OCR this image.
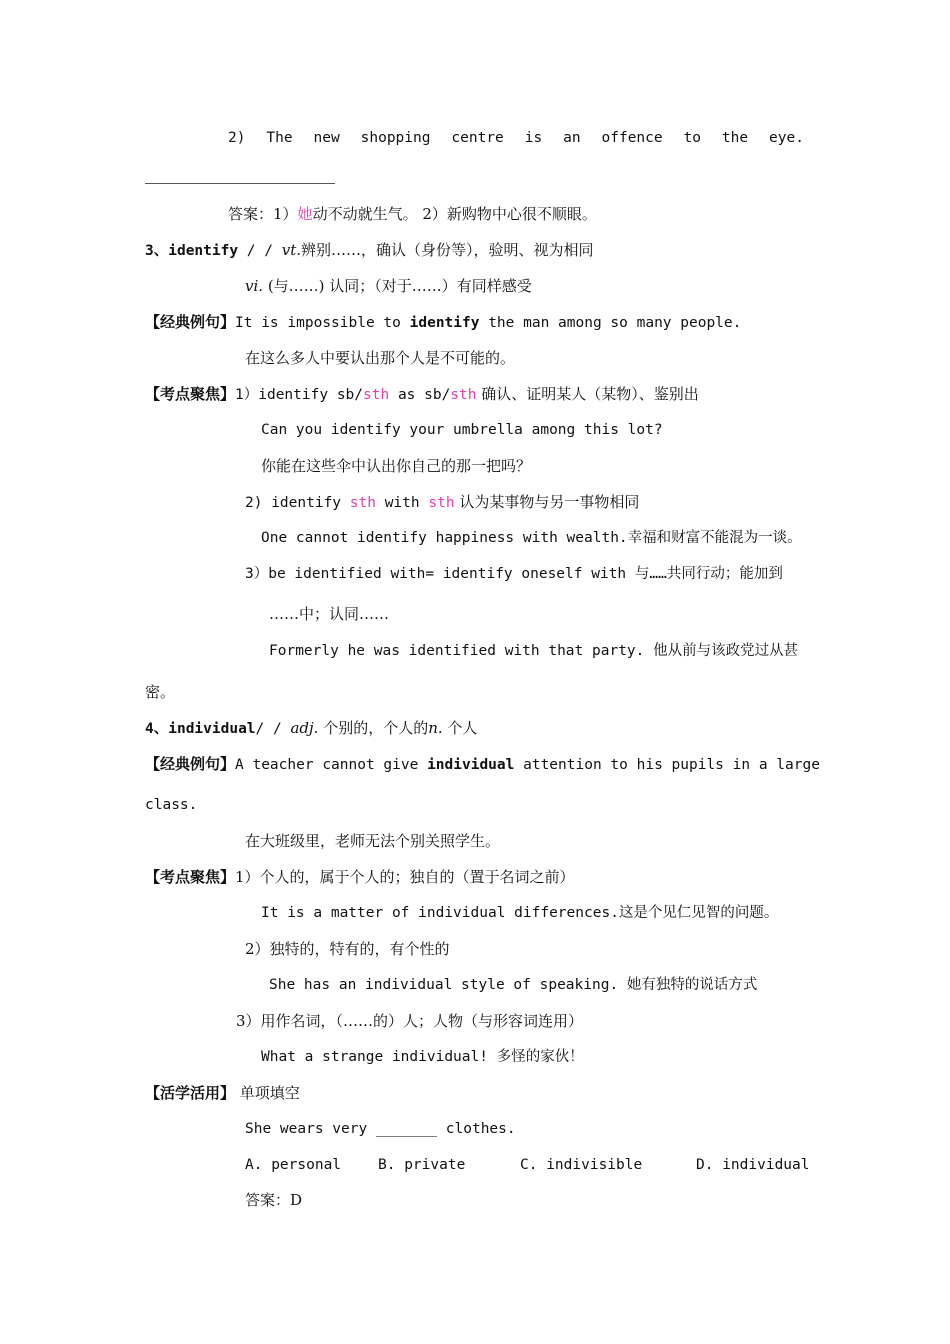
2) The new shopping centre is an offence to the eye.
答案：1）她动不动就生气。 2）新购物中心很不顺眼。
3、identify / / vt.辨别……，确认（身份等），验明、视为相同
vi. (与……) 认同；（对于……）有同样感受
【经典例句】It is impossible to identify the man among so many people.
在这么多人中要认出那个人是不可能的。
【考点聚焦】1）identify sb/sth as sb/sth 确认、证明某人（某物）、鉴别出
Can you identify your umbrella among this lot?
你能在这些伞中认出你自己的那一把吗？
2) identify sth with sth 认为某事物与另一事物相同
One cannot identify happiness with wealth.幸福和财富不能混为一谈。
3）be identified with= identify oneself with 与……共同行动；能加到
……中；认同……
Formerly he was identified with that party. 他从前与该政党过从甚
密。
4、individual/ / adj. 个别的，个人的n. 个人
【经典例句】A teacher cannot give individual attention to his pupils in a large
class.
在大班级里，老师无法个别关照学生。
【考点聚焦】1）个人的，属于个人的；独自的（置于名词之前）
It is a matter of individual differences.这是个见仁见智的问题。
2）独特的，特有的，有个性的
She has an individual style of speaking. 她有独特的说话方式
3）用作名词，（……的）人；人物（与形容词连用）
What a strange individual! 多怪的家伙！
【活学活用】 单项填空
She wears very _______ clothes.
A. personal	B. private	C. indivisible	D. individual
答案：D
